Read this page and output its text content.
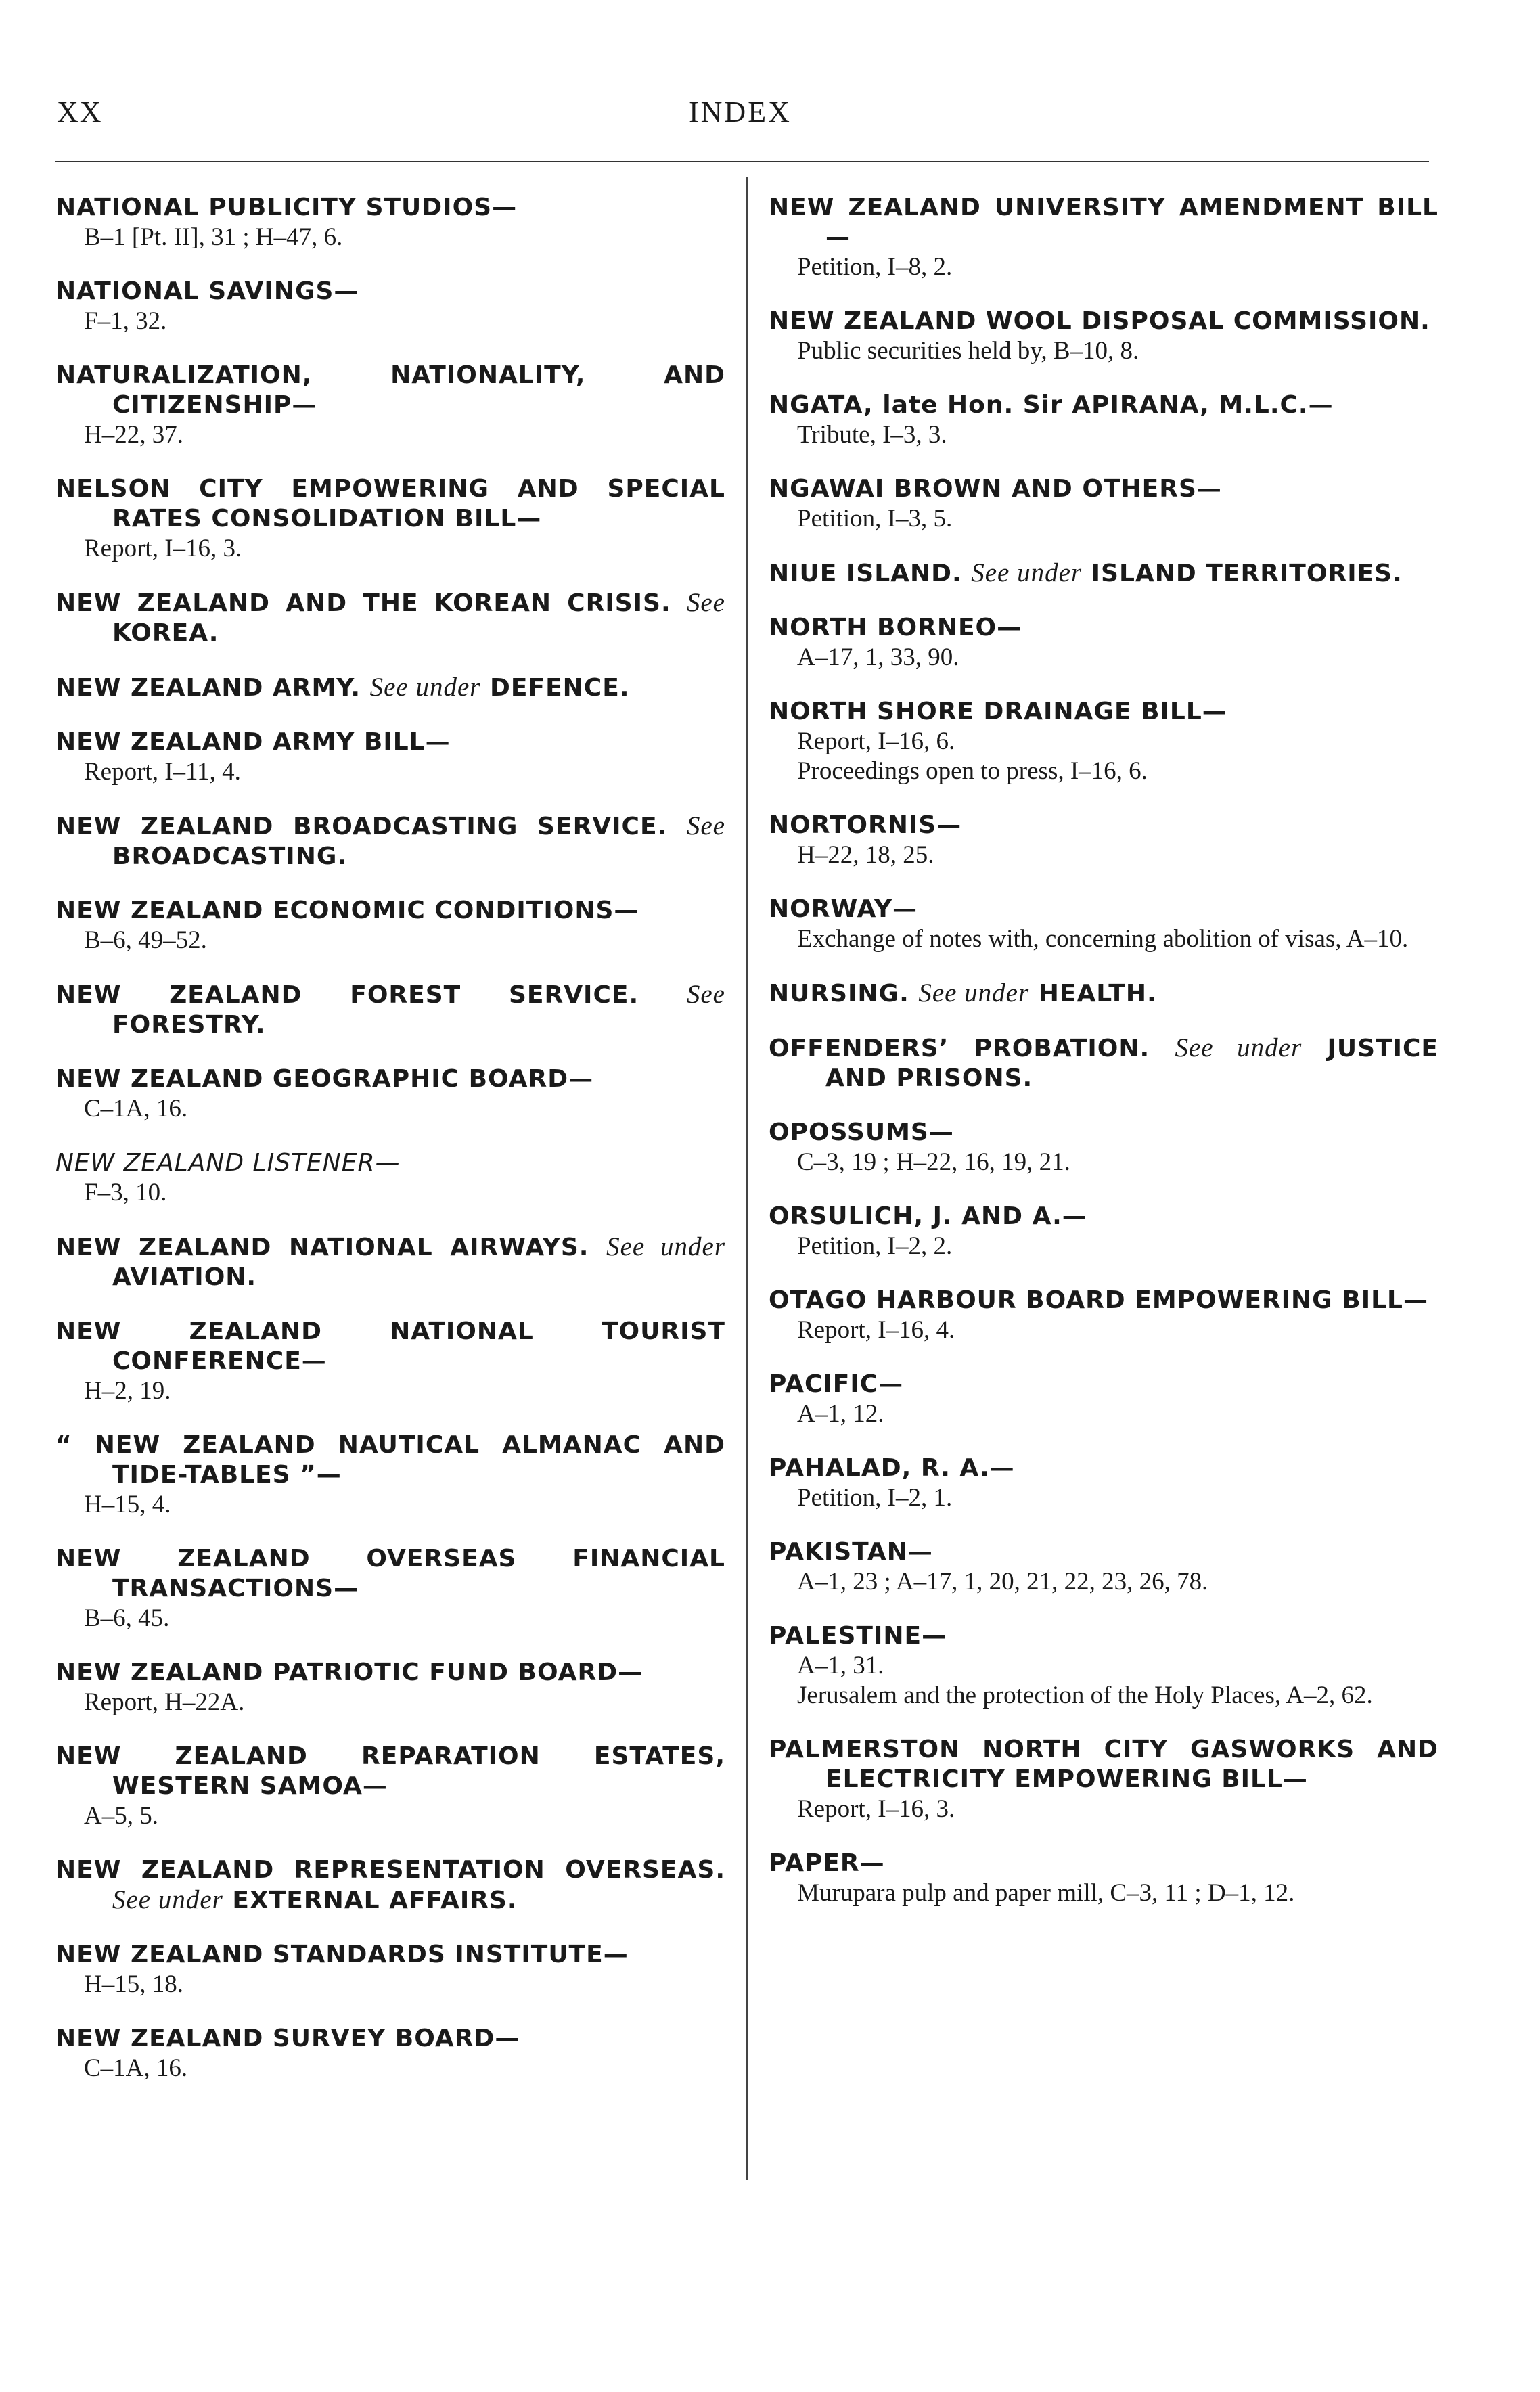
XX	INDEX
NATIONAL PUBLICITY STUDIOS—
B–1 [Pt. II], 31 ; H–47, 6.
NATIONAL SAVINGS—
F–1, 32.
NATURALIZATION, NATIONALITY, AND CITIZENSHIP—
H–22, 37.
NELSON CITY EMPOWERING AND SPECIAL RATES CONSOLIDATION BILL—
Report, I–16, 3.
NEW ZEALAND AND THE KOREAN CRISIS. See KOREA.
NEW ZEALAND ARMY. See under DEFENCE.
NEW ZEALAND ARMY BILL—
Report, I–11, 4.
NEW ZEALAND BROADCASTING SERVICE. See BROADCASTING.
NEW ZEALAND ECONOMIC CONDITIONS—
B–6, 49–52.
NEW ZEALAND FOREST SERVICE. See FORESTRY.
NEW ZEALAND GEOGRAPHIC BOARD—
C–1A, 16.
NEW ZEALAND LISTENER—
F–3, 10.
NEW ZEALAND NATIONAL AIRWAYS. See under AVIATION.
NEW ZEALAND NATIONAL TOURIST CONFERENCE—
H–2, 19.
“ NEW ZEALAND NAUTICAL ALMANAC AND TIDE-TABLES ”—
H–15, 4.
NEW ZEALAND OVERSEAS FINANCIAL TRANSACTIONS—
B–6, 45.
NEW ZEALAND PATRIOTIC FUND BOARD—
Report, H–22A.
NEW ZEALAND REPARATION ESTATES, WESTERN SAMOA—
A–5, 5.
NEW ZEALAND REPRESENTATION OVERSEAS. See under EXTERNAL AFFAIRS.
NEW ZEALAND STANDARDS INSTITUTE—
H–15, 18.
NEW ZEALAND SURVEY BOARD—
C–1A, 16.
NEW ZEALAND UNIVERSITY AMENDMENT BILL—
Petition, I–8, 2.
NEW ZEALAND WOOL DISPOSAL COMMISSION.
Public securities held by, B–10, 8.
NGATA, late Hon. Sir APIRANA, M.L.C.—
Tribute, I–3, 3.
NGAWAI BROWN AND OTHERS—
Petition, I–3, 5.
NIUE ISLAND. See under ISLAND TERRITORIES.
NORTH BORNEO—
A–17, 1, 33, 90.
NORTH SHORE DRAINAGE BILL—
Report, I–16, 6.
Proceedings open to press, I–16, 6.
NORTORNIS—
H–22, 18, 25.
NORWAY—
Exchange of notes with, concerning abolition of visas, A–10.
NURSING. See under HEALTH.
OFFENDERS’ PROBATION. See under JUSTICE AND PRISONS.
OPOSSUMS—
C–3, 19 ; H–22, 16, 19, 21.
ORSULICH, J. AND A.—
Petition, I–2, 2.
OTAGO HARBOUR BOARD EMPOWERING BILL—
Report, I–16, 4.
PACIFIC—
A–1, 12.
PAHALAD, R. A.—
Petition, I–2, 1.
PAKISTAN—
A–1, 23 ; A–17, 1, 20, 21, 22, 23, 26, 78.
PALESTINE—
A–1, 31.
Jerusalem and the protection of the Holy Places, A–2, 62.
PALMERSTON NORTH CITY GASWORKS AND ELECTRICITY EMPOWERING BILL—
Report, I–16, 3.
PAPER—
Murupara pulp and paper mill, C–3, 11 ; D–1, 12.
